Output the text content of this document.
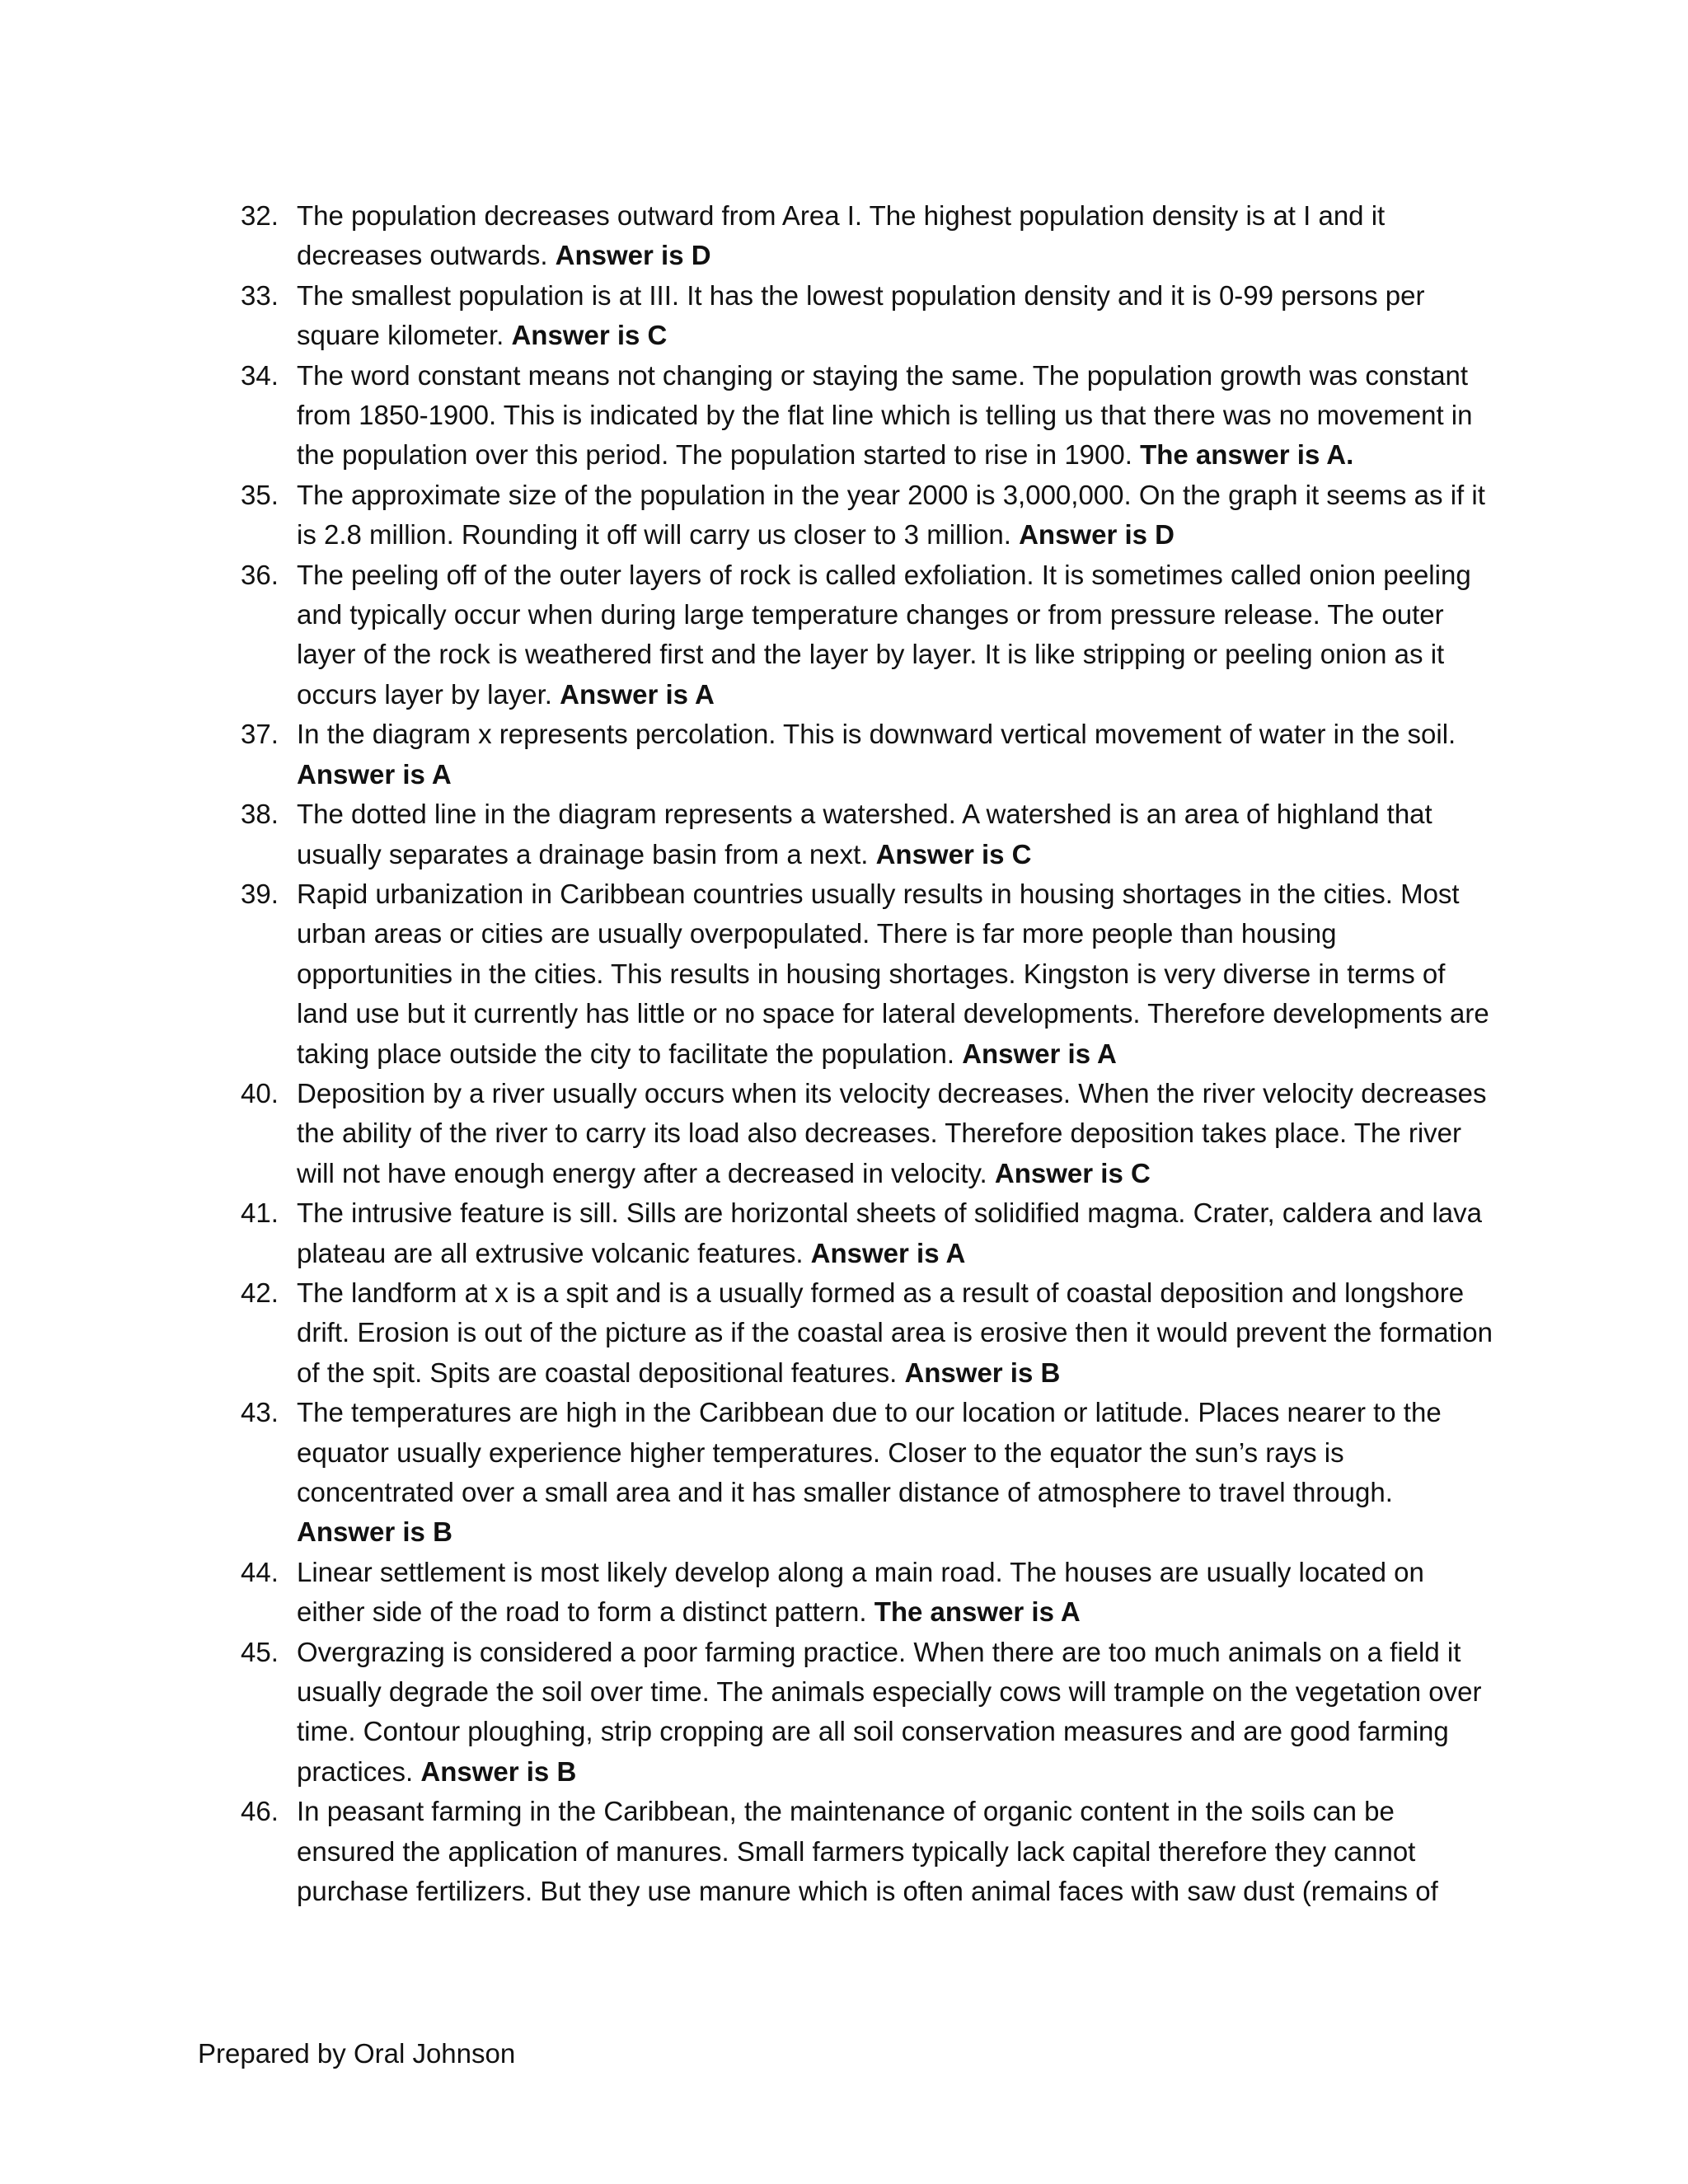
32. The population decreases outward from Area I. The highest population density is at I and it decreases outwards. Answer is D
33. The smallest population is at III. It has the lowest population density and it is 0-99 persons per square kilometer. Answer is C
34. The word constant means not changing or staying the same. The population growth was constant from 1850-1900. This is indicated by the flat line which is telling us that there was no movement in the population over this period. The population started to rise in 1900. The answer is A.
35. The approximate size of the population in the year 2000 is 3,000,000. On the graph it seems as if it is 2.8 million. Rounding it off will carry us closer to 3 million. Answer is D
36. The peeling off of the outer layers of rock is called exfoliation. It is sometimes called onion peeling and typically occur when during large temperature changes or from pressure release. The outer layer of the rock is weathered first and the layer by layer. It is like stripping or peeling onion as it occurs layer by layer. Answer is A
37. In the diagram x represents percolation. This is downward vertical movement of water in the soil. Answer is A
38. The dotted line in the diagram represents a watershed. A watershed is an area of highland that usually separates a drainage basin from a next. Answer is C
39. Rapid urbanization in Caribbean countries usually results in housing shortages in the cities. Most urban areas or cities are usually overpopulated. There is far more people than housing opportunities in the cities. This results in housing shortages. Kingston is very diverse in terms of land use but it currently has little or no space for lateral developments. Therefore developments are taking place outside the city to facilitate the population. Answer is A
40. Deposition by a river usually occurs when its velocity decreases. When the river velocity decreases the ability of the river to carry its load also decreases. Therefore deposition takes place. The river will not have enough energy after a decreased in velocity. Answer is C
41. The intrusive feature is sill. Sills are horizontal sheets of solidified magma. Crater, caldera and lava plateau are all extrusive volcanic features. Answer is A
42. The landform at x is a spit and is a usually formed as a result of coastal deposition and longshore drift. Erosion is out of the picture as if the coastal area is erosive then it would prevent the formation of the spit. Spits are coastal depositional features. Answer is B
43. The temperatures are high in the Caribbean due to our location or latitude. Places nearer to the equator usually experience higher temperatures. Closer to the equator the sun’s rays is concentrated over a small area and it has smaller distance of atmosphere to travel through. Answer is B
44. Linear settlement is most likely develop along a main road. The houses are usually located on either side of the road to form a distinct pattern. The answer is A
45. Overgrazing is considered a poor farming practice. When there are too much animals on a field it usually degrade the soil over time. The animals especially cows will trample on the vegetation over time. Contour ploughing, strip cropping are all soil conservation measures and are good farming practices. Answer is B
46. In peasant farming in the Caribbean, the maintenance of organic content in the soils can be ensured the application of manures. Small farmers typically lack capital therefore they cannot purchase fertilizers. But they use manure which is often animal faces with saw dust (remains of
Prepared by Oral Johnson
